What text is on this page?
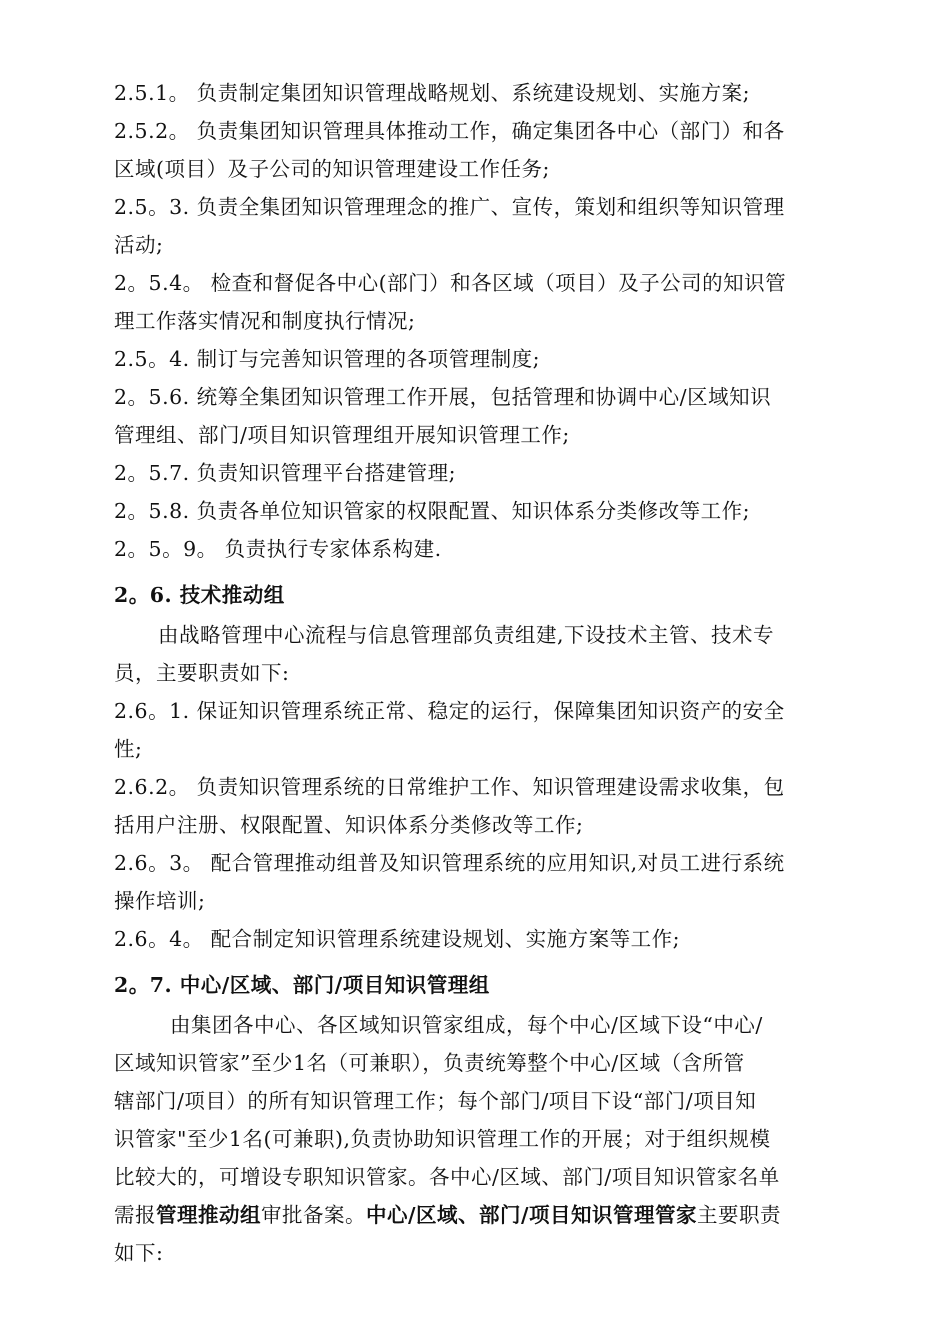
2.5.1。 负责制定集团知识管理战略规划、系统建设规划、实施方案;
2.5.2。 负责集团知识管理具体推动工作，确定集团各中心（部门）和各
区域(项目）及子公司的知识管理建设工作任务;
2.5。3. 负责全集团知识管理理念的推广、宣传，策划和组织等知识管理
活动;
2。5.4。 检查和督促各中心(部门）和各区域（项目）及子公司的知识管
理工作落实情况和制度执行情况;
2.5。4. 制订与完善知识管理的各项管理制度;
2。5.6. 统筹全集团知识管理工作开展，包括管理和协调中心/区域知识
管理组、部门/项目知识管理组开展知识管理工作;
2。5.7. 负责知识管理平台搭建管理;
2。5.8. 负责各单位知识管家的权限配置、知识体系分类修改等工作;
2。5。9。 负责执行专家体系构建.
2。6. 技术推动组
由战略管理中心流程与信息管理部负责组建,下设技术主管、技术专
员，主要职责如下:
2.6。1. 保证知识管理系统正常、稳定的运行，保障集团知识资产的安全
性;
2.6.2。 负责知识管理系统的日常维护工作、知识管理建设需求收集，包
括用户注册、权限配置、知识体系分类修改等工作;
2.6。3。 配合管理推动组普及知识管理系统的应用知识,对员工进行系统
操作培训;
2.6。4。 配合制定知识管理系统建设规划、实施方案等工作;
2。7. 中心/区域、部门/项目知识管理组
由集团各中心、各区域知识管家组成，每个中心/区域下设“中心/
区域知识管家”至少1名（可兼职），负责统筹整个中心/区域（含所管
辖部门/项目）的所有知识管理工作；每个部门/项目下设“部门/项目知
识管家"至少1名(可兼职),负责协助知识管理工作的开展；对于组织规模
比较大的，可增设专职知识管家。各中心/区域、部门/项目知识管家名单
需报管理推动组审批备案。中心/区域、部门/项目知识管理管家主要职责
如下:
